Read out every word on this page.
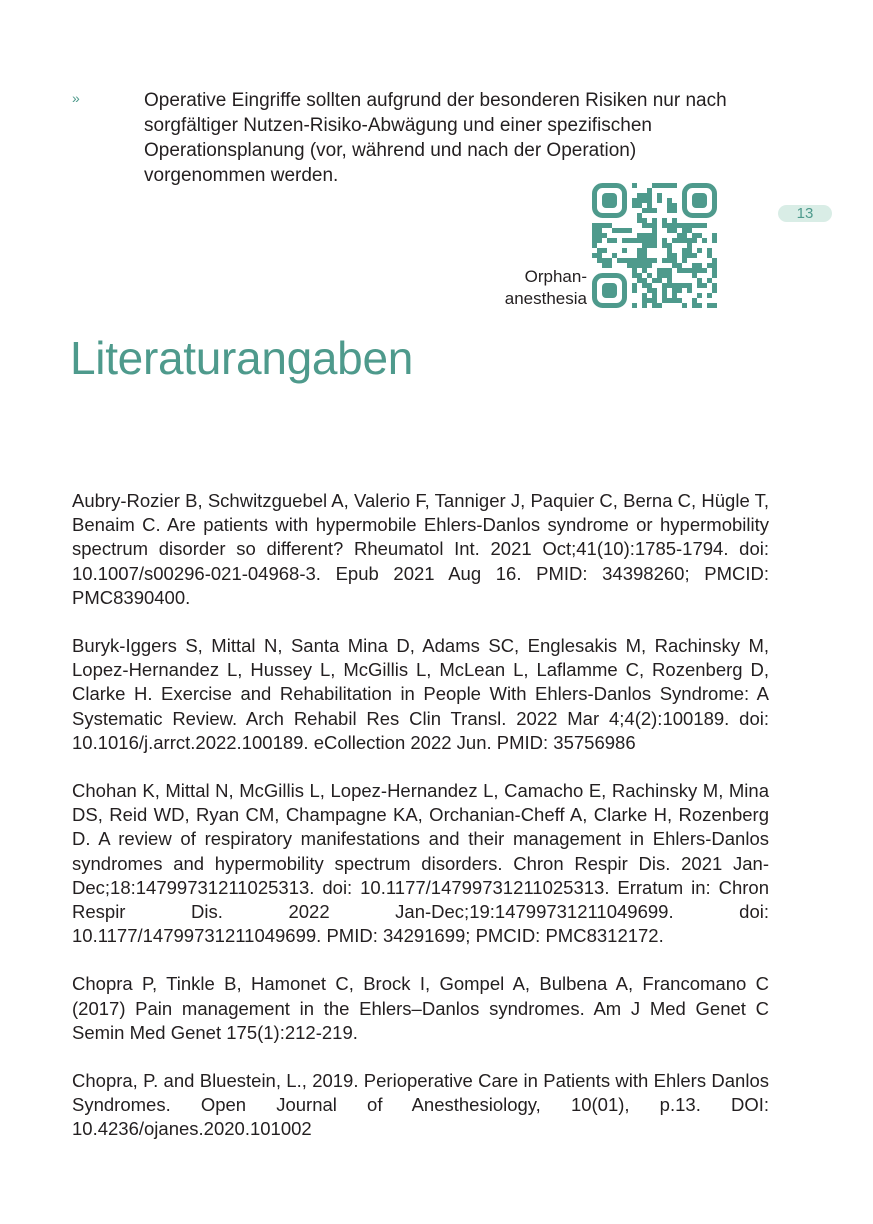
»	Operative Eingriffe sollten aufgrund der besonderen Risiken nur nach sorgfältiger Nutzen-Risiko-Abwägung und einer spezifischen Operationsplanung (vor, während und nach der Operation) vorgenommen werden.
13
Orphan-
anesthesia
Literaturangaben

Aubry-Rozier B, Schwitzguebel A, Valerio F, Tanniger J, Paquier C, Berna C, Hügle T, Benaim C. Are patients with hypermobile Ehlers-Danlos syndrome or hypermobility spectrum disorder so different? Rheumatol Int. 2021 Oct;41(10):1785-1794. doi: 10.1007/s00296-021-04968-3. Epub 2021 Aug 16. PMID: 34398260; PMCID: PMC8390400.

Buryk-Iggers S, Mittal N, Santa Mina D, Adams SC, Englesakis M, Rachinsky M, Lopez-Hernandez L, Hussey L, McGillis L, McLean L, Laflamme C, Rozenberg D, Clarke H. Exercise and Rehabilitation in People With Ehlers-Danlos Syndrome: A Systematic Review. Arch Rehabil Res Clin Transl. 2022 Mar 4;4(2):100189. doi: 10.1016/j.arrct.2022.100189. eCollection 2022 Jun. PMID: 35756986

Chohan K, Mittal N, McGillis L, Lopez-Hernandez L, Camacho E, Rachinsky M, Mina DS, Reid WD, Ryan CM, Champagne KA, Orchanian-Cheff A, Clarke H, Rozenberg D. A review of respiratory manifestations and their management in Ehlers-Danlos syndromes and hypermobility spectrum disorders. Chron Respir Dis. 2021 Jan-Dec;18:14799731211025313. doi: 10.1177/14799731211025313. Erratum in: Chron Respir Dis. 2022 Jan-Dec;19:14799731211049699. doi: 10.1177/14799731211049699. PMID: 34291699; PMCID: PMC8312172.

Chopra P, Tinkle B, Hamonet C, Brock I, Gompel A, Bulbena A, Francomano C (2017) Pain management in the Ehlers–Danlos syndromes. Am J Med Genet C Semin Med Genet 175(1):212-219.

Chopra, P. and Bluestein, L., 2019. Perioperative Care in Patients with Ehlers Danlos Syndromes. Open Journal of Anesthesiology, 10(01), p.13. DOI: 10.4236/ojanes.2020.101002
